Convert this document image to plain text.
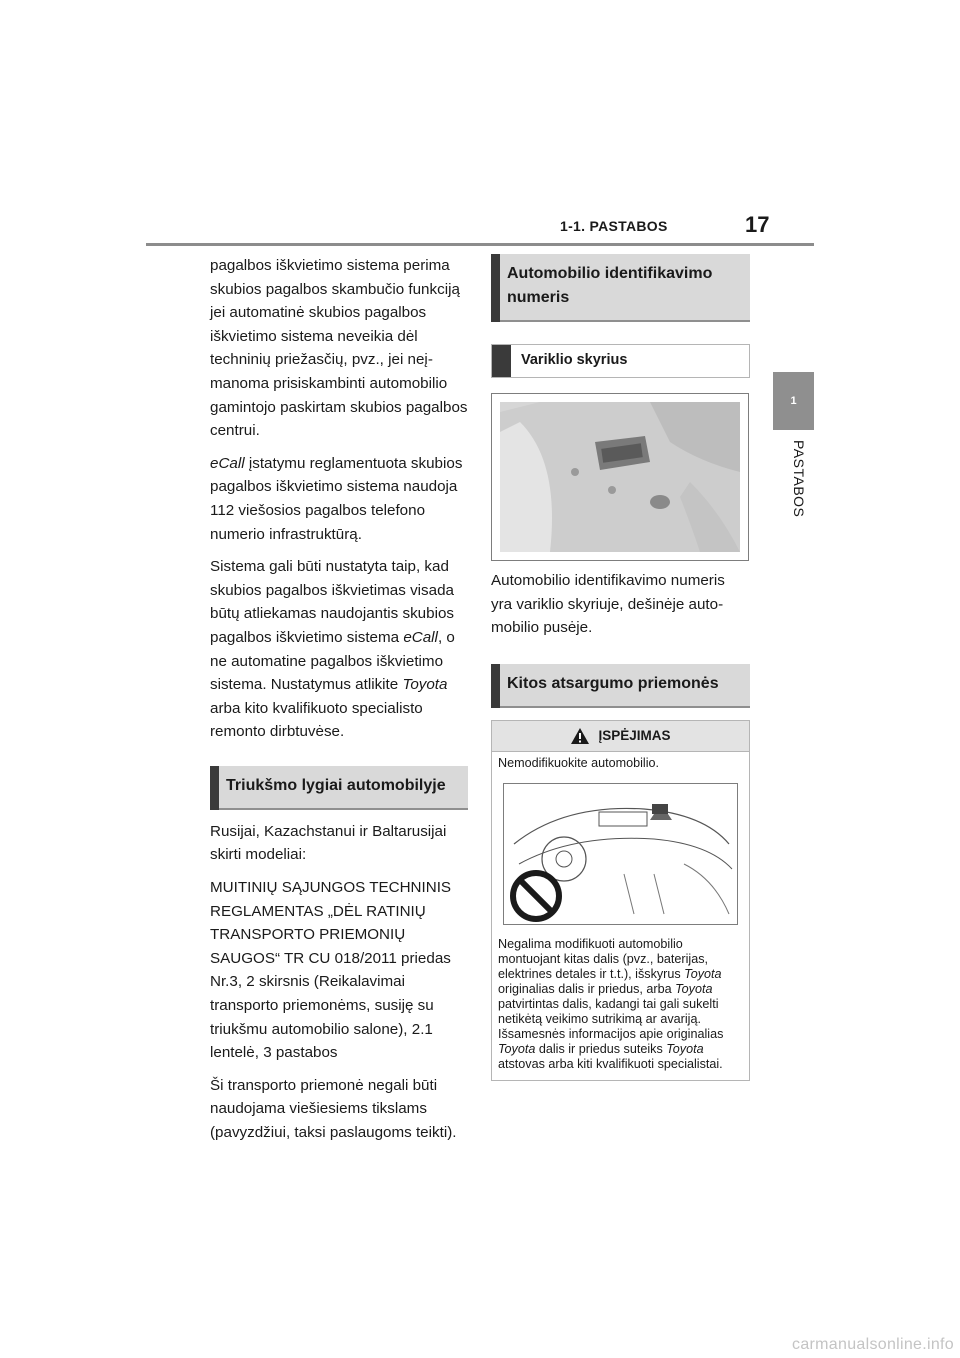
1-1. PASTABOS	17
1
PASTABOS

pagalbos iškvietimo sistema perima skubios pagalbos skambučio funkciją jei automatinė skubios pagalbos iškvietimo sistema neveikia dėl techninių priežasčių, pvz., jei neįmanoma prisiskambinti automobilio gamintojo paskirtam skubios pagalbos centrui.

eCall įstatymu reglamentuota skubios pagalbos iškvietimo sistema naudoja 112 viešosios pagalbos telefono numerio infrastruktūrą.

Sistema gali būti nustatyta taip, kad skubios pagalbos iškvietimas visada būtų atliekamas naudojantis skubios pagalbos iškvietimo sistema eCall, o ne automatine pagalbos iškvietimo sistema. Nustatymus atlikite Toyota arba kito kvalifikuoto specialisto remonto dirbtuvėse.

Triukšmo lygiai automobilyje

Rusijai, Kazachstanui ir Baltarusijai skirti modeliai:

MUITINIŲ SĄJUNGOS TECHNINIS REGLAMENTAS „DĖL RATINIŲ TRANSPORTO PRIEMONIŲ SAUGOS“ TR CU 018/2011 priedas Nr.3, 2 skirsnis (Reikalavimai transporto priemonėms, susiję su triukšmu automobilio salone), 2.1 lentelė, 3 pastabos

Ši transporto priemonė negali būti naudojama viešiesiems tikslams (pavyzdžiui, taksi paslaugoms teikti).

Automobilio identifikavimo numeris
Variklio skyrius

Automobilio identifikavimo numeris yra variklio skyriuje, dešinėje automobilio pusėje.

Kitos atsargumo priemonės
ĮSPĖJIMAS

Nemodifikuokite automobilio.

Negalima modifikuoti automobilio montuojant kitas dalis (pvz., baterijas, elektrines detales ir t.t.), išskyrus Toyota originalias dalis ir priedus, arba Toyota patvirtintas dalis, kadangi tai gali sukelti netikėtą veikimo sutrikimą ar avariją. Išsamesnės informacijos apie originalias Toyota dalis ir priedus suteiks Toyota atstovas arba kiti kvalifikuoti specialistai.

carmanualsonline.info
